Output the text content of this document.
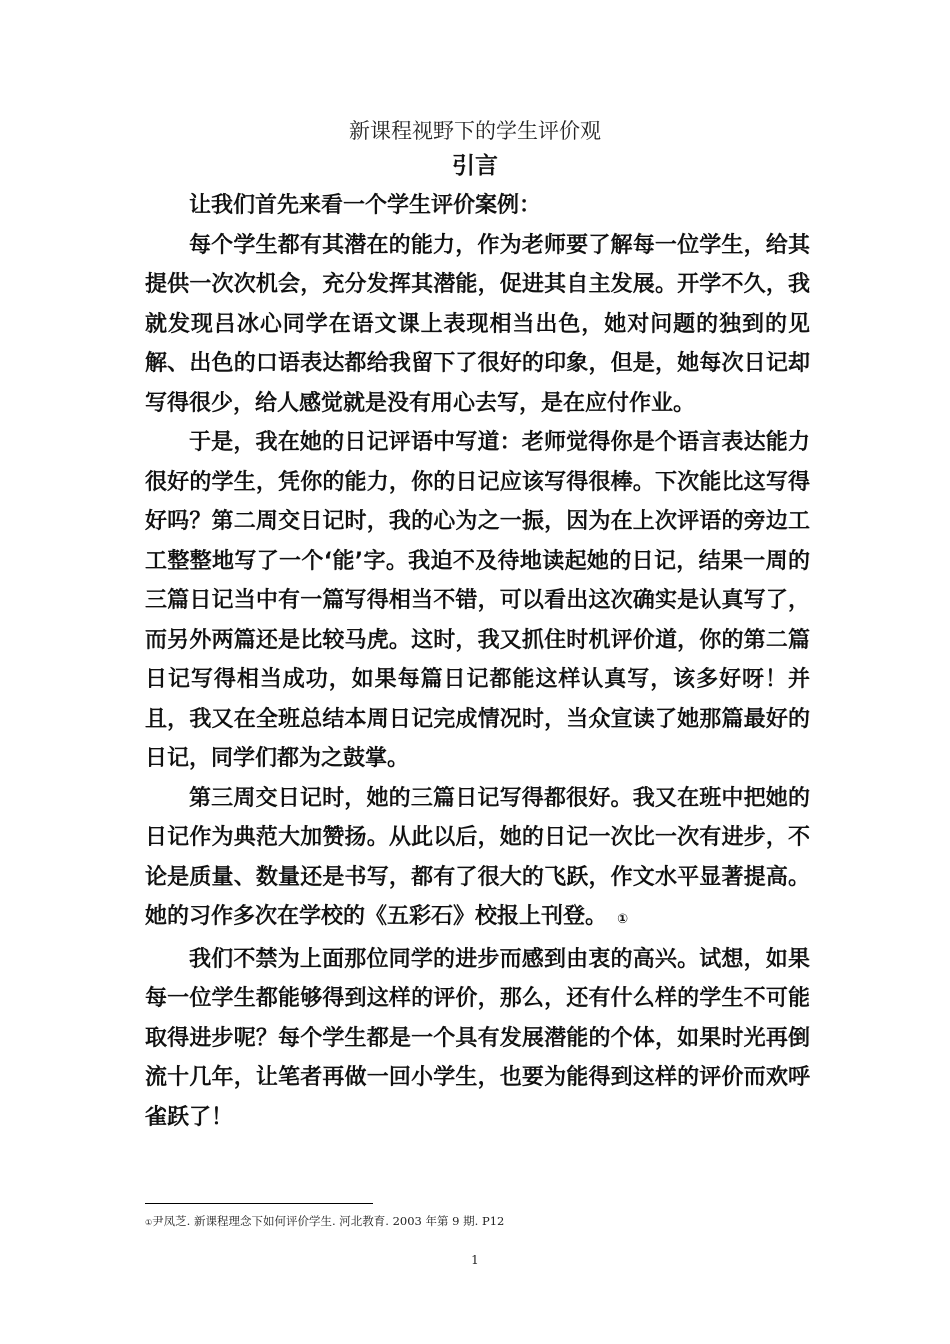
新课程视野下的学生评价观
引言

让我们首先来看一个学生评价案例：

每个学生都有其潜在的能力，作为老师要了解每一位学生，给其提供一次次机会，充分发挥其潜能，促进其自主发展。开学不久，我就发现吕冰心同学在语文课上表现相当出色，她对问题的独到的见解、出色的口语表达都给我留下了很好的印象，但是，她每次日记却写得很少，给人感觉就是没有用心去写，是在应付作业。

于是，我在她的日记评语中写道：老师觉得你是个语言表达能力很好的学生，凭你的能力，你的日记应该写得很棒。下次能比这写得好吗？第二周交日记时，我的心为之一振，因为在上次评语的旁边工工整整地写了一个‘能’字。我迫不及待地读起她的日记，结果一周的三篇日记当中有一篇写得相当不错，可以看出这次确实是认真写了，而另外两篇还是比较马虎。这时，我又抓住时机评价道，你的第二篇日记写得相当成功，如果每篇日记都能这样认真写，该多好呀！并且，我又在全班总结本周日记完成情况时，当众宣读了她那篇最好的日记，同学们都为之鼓掌。

第三周交日记时，她的三篇日记写得都很好。我又在班中把她的日记作为典范大加赞扬。从此以后，她的日记一次比一次有进步，不论是质量、数量还是书写，都有了很大的飞跃，作文水平显著提高。她的习作多次在学校的《五彩石》校报上刊登。 ①

我们不禁为上面那位同学的进步而感到由衷的高兴。试想，如果每一位学生都能够得到这样的评价，那么，还有什么样的学生不可能取得进步呢？每个学生都是一个具有发展潜能的个体，如果时光再倒流十几年，让笔者再做一回小学生，也要为能得到这样的评价而欢呼雀跃了！

①尹凤芝. 新课程理念下如何评价学生. 河北教育. 2003 年第 9 期. P12
1
